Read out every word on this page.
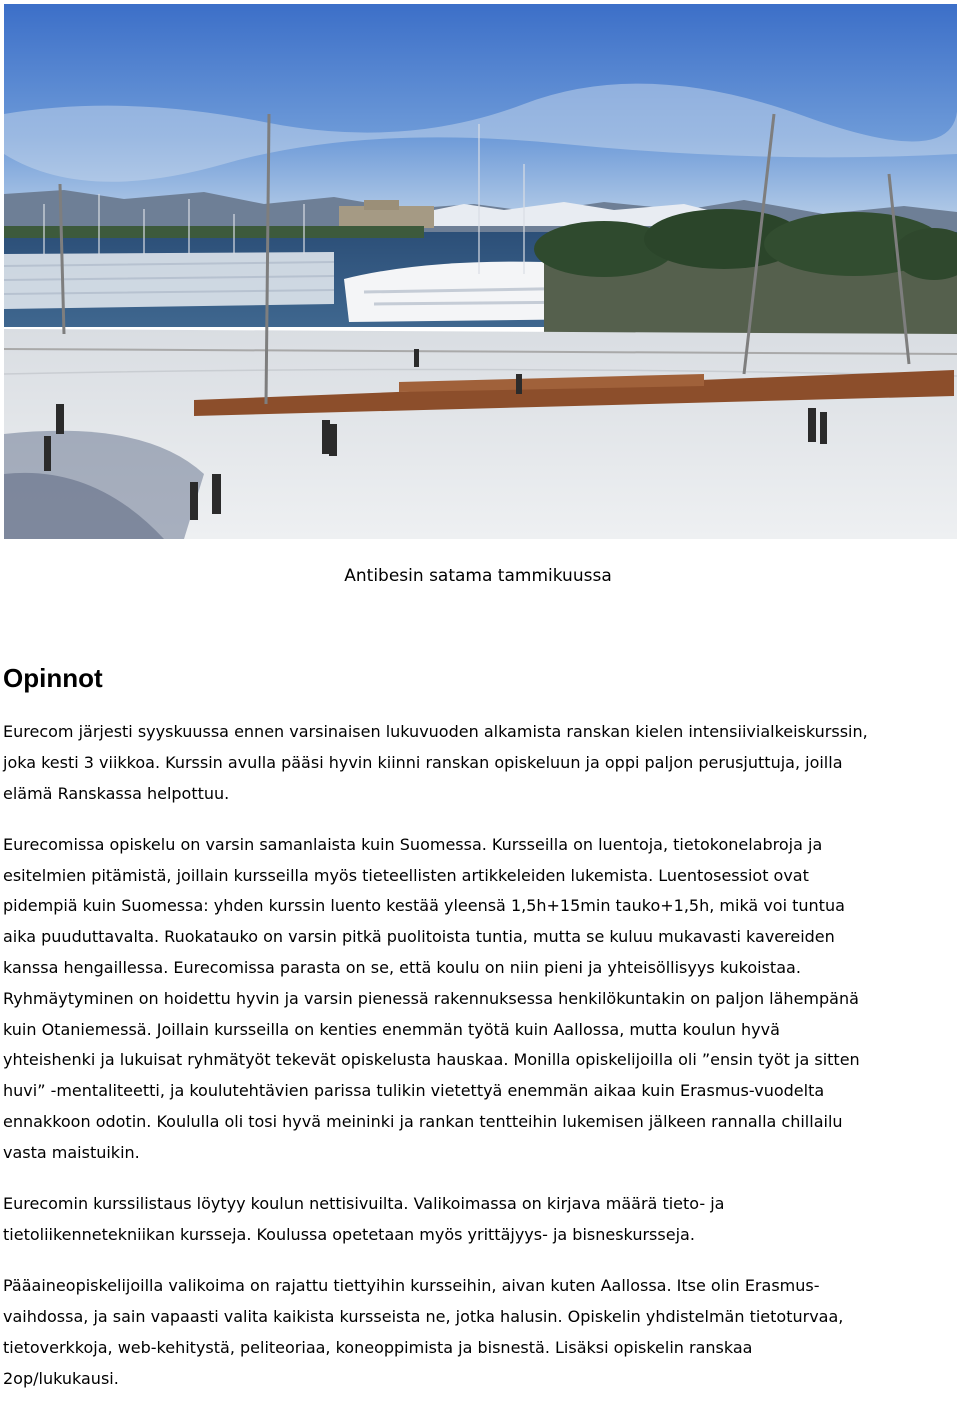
Antibesin satama tammikuussa
Opinnot

Eurecom järjesti syyskuussa ennen varsinaisen lukuvuoden alkamista ranskan kielen intensiivialkeiskurssin,
joka kesti 3 viikkoa. Kurssin avulla pääsi hyvin kiinni ranskan opiskeluun ja oppi paljon perusjuttuja, joilla
elämä Ranskassa helpottuu.

Eurecomissa opiskelu on varsin samanlaista kuin Suomessa. Kursseilla on luentoja, tietokonelabroja ja
esitelmien pitämistä, joillain kursseilla myös tieteellisten artikkeleiden lukemista. Luentosessiot ovat
pidempiä kuin Suomessa: yhden kurssin luento kestää yleensä 1,5h+15min tauko+1,5h, mikä voi tuntua
aika puuduttavalta. Ruokatauko on varsin pitkä puolitoista tuntia, mutta se kuluu mukavasti kavereiden
kanssa hengaillessa. Eurecomissa parasta on se, että koulu on niin pieni ja yhteisöllisyys kukoistaa.
Ryhmäytyminen on hoidettu hyvin ja varsin pienessä rakennuksessa henkilökuntakin on paljon lähempänä
kuin Otaniemessä. Joillain kursseilla on kenties enemmän työtä kuin Aallossa, mutta koulun hyvä
yhteishenki ja lukuisat ryhmätyöt tekevät opiskelusta hauskaa. Monilla opiskelijoilla oli ”ensin työt ja sitten
huvi” -mentaliteetti, ja koulutehtävien parissa tulikin vietettyä enemmän aikaa kuin Erasmus-vuodelta
ennakkoon odotin. Koululla oli tosi hyvä meininki ja rankan tentteihin lukemisen jälkeen rannalla chillailu
vasta maistuikin.

Eurecomin kurssilistaus löytyy koulun nettisivuilta. Valikoimassa on kirjava määrä tieto- ja
tietoliikennetekniikan kursseja. Koulussa opetetaan myös yrittäjyys- ja bisneskursseja.

Pääaineopiskelijoilla valikoima on rajattu tiettyihin kursseihin, aivan kuten Aallossa. Itse olin Erasmus-
vaihdossa, ja sain vapaasti valita kaikista kursseista ne, jotka halusin. Opiskelin yhdistelmän tietoturvaa,
tietoverkkoja, web-kehitystä, peliteoriaa, koneoppimista ja bisnestä. Lisäksi opiskelin ranskaa
2op/lukukausi.
